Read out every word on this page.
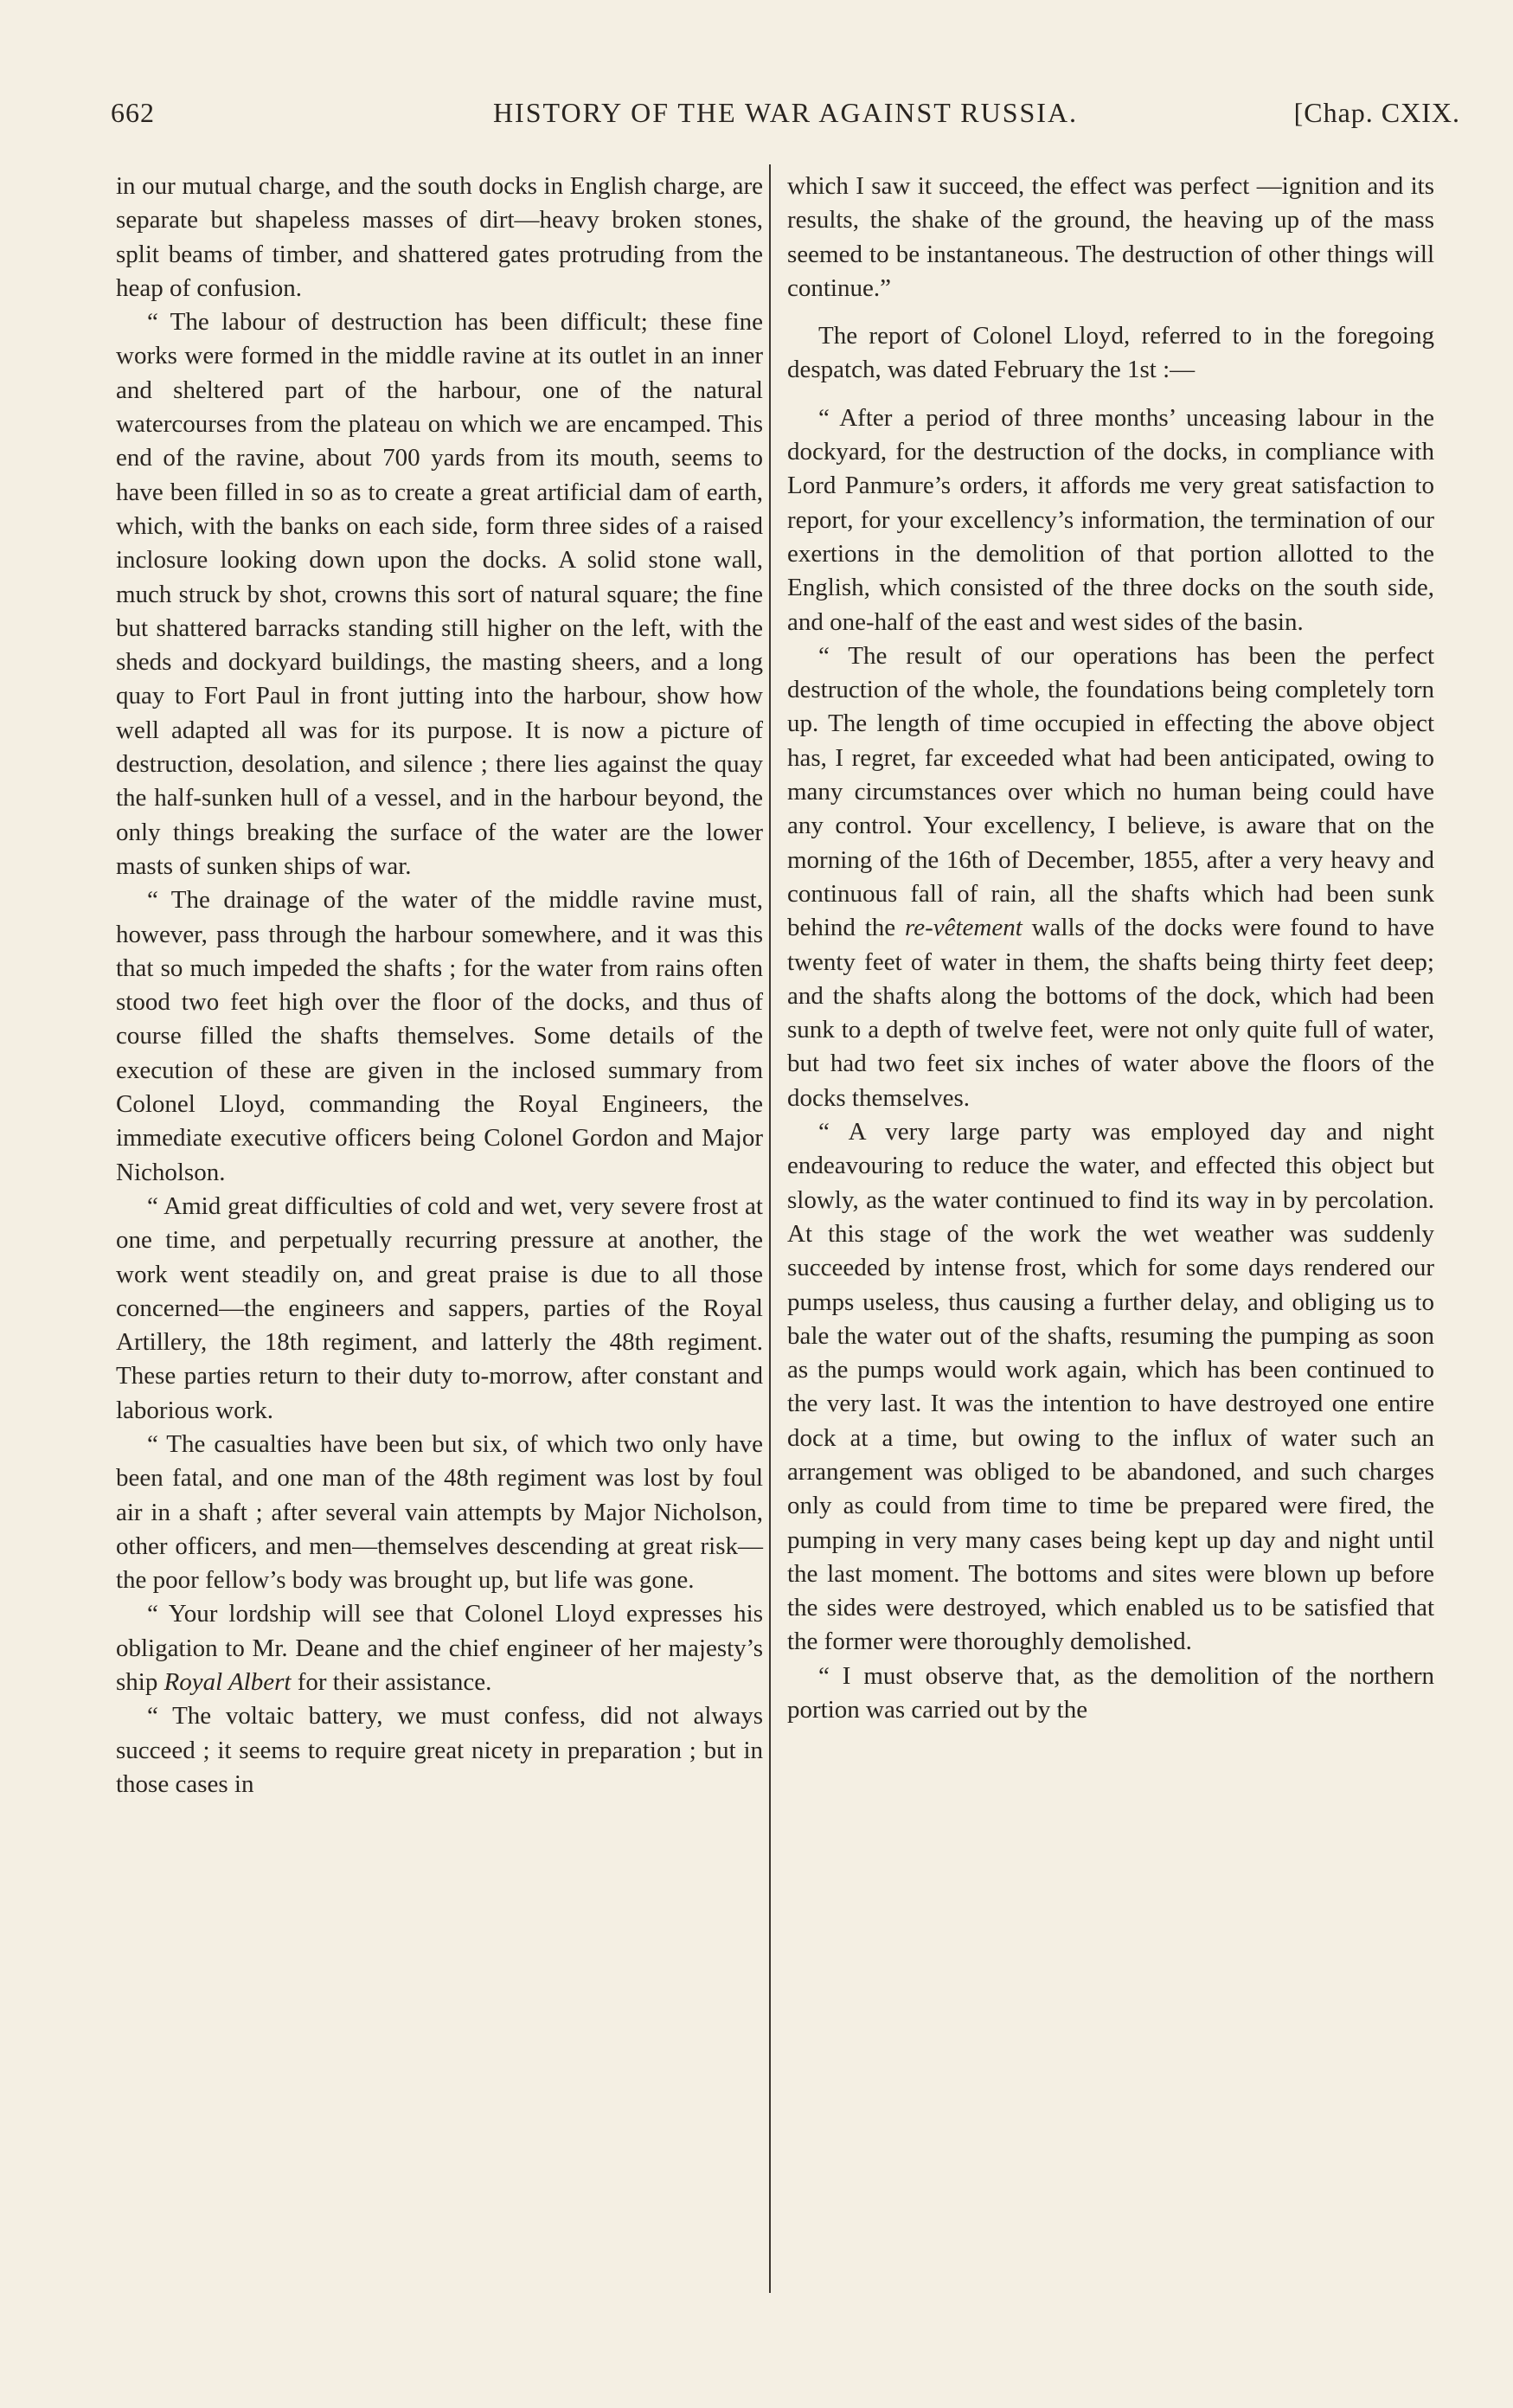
662	HISTORY OF THE WAR AGAINST RUSSIA.	[Chap. CXIX.

in our mutual charge, and the south docks in English charge, are separate but shapeless masses of dirt—heavy broken stones, split beams of timber, and shattered gates protruding from the heap of confusion.

“ The labour of destruction has been difficult; these fine works were formed in the middle ravine at its outlet in an inner and sheltered part of the harbour, one of the natural watercourses from the plateau on which we are encamped. This end of the ravine, about 700 yards from its mouth, seems to have been filled in so as to create a great artificial dam of earth, which, with the banks on each side, form three sides of a raised inclosure looking down upon the docks. A solid stone wall, much struck by shot, crowns this sort of natural square; the fine but shattered barracks standing still higher on the left, with the sheds and dockyard buildings, the masting sheers, and a long quay to Fort Paul in front jutting into the harbour, show how well adapted all was for its purpose. It is now a picture of destruction, desolation, and silence ; there lies against the quay the half-sunken hull of a vessel, and in the harbour beyond, the only things breaking the surface of the water are the lower masts of sunken ships of war.

“ The drainage of the water of the middle ravine must, however, pass through the harbour somewhere, and it was this that so much impeded the shafts ; for the water from rains often stood two feet high over the floor of the docks, and thus of course filled the shafts themselves. Some details of the execution of these are given in the inclosed summary from Colonel Lloyd, commanding the Royal Engineers, the immediate executive officers being Colonel Gordon and Major Nicholson.

“ Amid great difficulties of cold and wet, very severe frost at one time, and perpetually recurring pressure at another, the work went steadily on, and great praise is due to all those concerned—the engineers and sappers, parties of the Royal Artillery, the 18th regiment, and latterly the 48th regiment. These parties return to their duty to-morrow, after constant and laborious work.

“ The casualties have been but six, of which two only have been fatal, and one man of the 48th regiment was lost by foul air in a shaft ; after several vain attempts by Major Nicholson, other officers, and men—themselves descending at great risk—the poor fellow’s body was brought up, but life was gone.

“ Your lordship will see that Colonel Lloyd expresses his obligation to Mr. Deane and the chief engineer of her majesty’s ship Royal Albert for their assistance.

“ The voltaic battery, we must confess, did not always succeed ; it seems to require great nicety in preparation ; but in those cases in

which I saw it succeed, the effect was perfect —ignition and its results, the shake of the ground, the heaving up of the mass seemed to be instantaneous. The destruction of other things will continue.”

The report of Colonel Lloyd, referred to in the foregoing despatch, was dated February the 1st :—

“ After a period of three months’ unceasing labour in the dockyard, for the destruction of the docks, in compliance with Lord Panmure’s orders, it affords me very great satisfaction to report, for your excellency’s information, the termination of our exertions in the demolition of that portion allotted to the English, which consisted of the three docks on the south side, and one-half of the east and west sides of the basin.

“ The result of our operations has been the perfect destruction of the whole, the foundations being completely torn up. The length of time occupied in effecting the above object has, I regret, far exceeded what had been anticipated, owing to many circumstances over which no human being could have any control. Your excellency, I believe, is aware that on the morning of the 16th of December, 1855, after a very heavy and continuous fall of rain, all the shafts which had been sunk behind the re-vêtement walls of the docks were found to have twenty feet of water in them, the shafts being thirty feet deep; and the shafts along the bottoms of the dock, which had been sunk to a depth of twelve feet, were not only quite full of water, but had two feet six inches of water above the floors of the docks themselves.

“ A very large party was employed day and night endeavouring to reduce the water, and effected this object but slowly, as the water continued to find its way in by percolation. At this stage of the work the wet weather was suddenly succeeded by intense frost, which for some days rendered our pumps useless, thus causing a further delay, and obliging us to bale the water out of the shafts, resuming the pumping as soon as the pumps would work again, which has been continued to the very last. It was the intention to have destroyed one entire dock at a time, but owing to the influx of water such an arrangement was obliged to be abandoned, and such charges only as could from time to time be prepared were fired, the pumping in very many cases being kept up day and night until the last moment. The bottoms and sites were blown up before the sides were destroyed, which enabled us to be satisfied that the former were thoroughly demolished.

“ I must observe that, as the demolition of the northern portion was carried out by the
